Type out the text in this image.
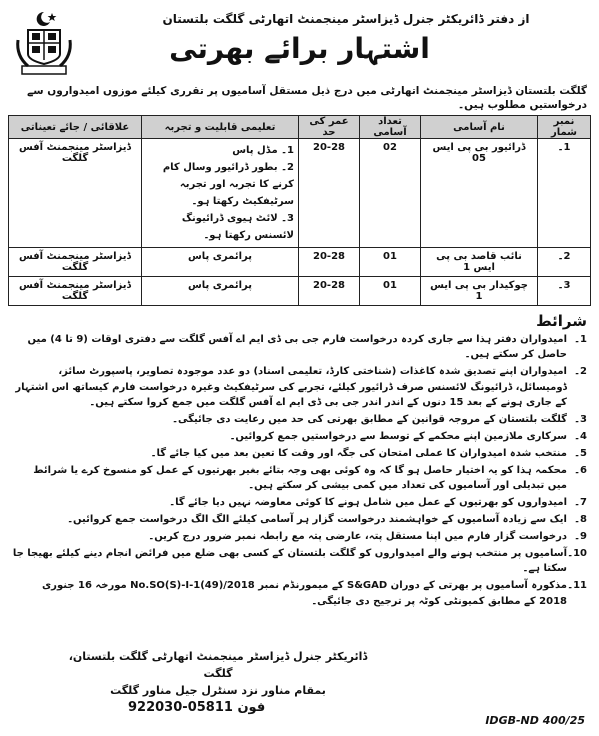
از دفتر ڈائریکٹر جنرل ڈیزاسٹر مینجمنٹ اتھارٹی گلگت بلتستان
اشتہار برائے بھرتی
گلگت بلتستان ڈیزاسٹر مینجمنٹ اتھارٹی میں درج ذیل مستقل آسامیوں پر تقرری کیلئے موزوں امیدواروں سے درخواستیں مطلوب ہیں۔
نمبر شمار	نام آسامی	تعداد آسامی	عمر کی حد	تعلیمی قابلیت و تجربہ	علاقائی / جائے تعیناتی
1۔	ڈرائیور بی پی ایس 05	02	20-28	1۔ مڈل پاس
2۔ بطور ڈرائیور وسال کام کرنے کا تجربہ اور تجربہ سرٹیفکیٹ رکھتا ہو۔
3۔ لائٹ ہیوی ڈرائیونگ لائسنس رکھتا ہو۔	ڈیزاسٹر مینجمنٹ آفس گلگت
2۔	نائب قاصد بی پی ایس 1	01	20-28	پرائمری پاس	ڈیزاسٹر مینجمنٹ آفس گلگت
3۔	چوکیدار بی پی ایس 1	01	20-28	پرائمری پاس	ڈیزاسٹر مینجمنٹ آفس گلگت
شرائط
1۔
امیدواران دفتر ہذا سے جاری کردہ درخواست فارم جی بی ڈی ایم اے آفس گلگت سے دفتری اوقات (9 تا 4) میں حاصل کر سکتے ہیں۔
2۔
امیدواران اپنے تصدیق شدہ کاغذات (شناختی کارڈ، تعلیمی اسناد) دو عدد موجودہ تصاویر، پاسپورٹ سائز، ڈومیسائل، ڈرائیونگ لائسنس صرف ڈرائیور کیلئے، تجربے کی سرٹیفکیٹ وغیرہ درخواست فارم کیساتھ اس اشتہار کے جاری ہونے کے بعد 15 دنوں کے اندر اندر جی بی ڈی ایم اے آفس گلگت میں جمع کروا سکتے ہیں۔
3۔
گلگت بلتستان کے مروجہ قوانین کے مطابق بھرتی کی حد میں رعایت دی جائیگی۔
4۔
سرکاری ملازمین اپنے محکمے کے توسط سے درخواستیں جمع کروائیں۔
5۔
منتخب شدہ امیدواران کا عملی امتحان کی جگہ اور وقت کا تعین بعد میں کیا جائے گا۔
6۔
محکمہ ہذا کو یہ اختیار حاصل ہو گا کہ وہ کوئی بھی وجہ بتائے بغیر بھرتیوں کے عمل کو منسوخ کرے یا شرائط میں تبدیلی اور آسامیوں کی تعداد میں کمی بیشی کر سکتے ہیں۔
7۔
امیدواروں کو بھرتیوں کے عمل میں شامل ہونے کا کوئی معاوضہ نہیں دیا جائے گا۔
8۔
ایک سے زیادہ آسامیوں کے خواہشمند درخواست گزار ہر آسامی کیلئے الگ الگ درخواست جمع کروائیں۔
9۔
درخواست گزار فارم میں اپنا مستقل پتہ، عارضی پتہ مع رابطہ نمبر ضرور درج کریں۔
10۔
آسامیوں پر منتخب ہونے والے امیدواروں کو گلگت بلتستان کے کسی بھی ضلع میں فرائض انجام دینے کیلئے بھیجا جا سکتا ہے۔
11۔
مذکورہ آسامیوں پر بھرتی کے دوران S&GAD کے میمورنڈم نمبر No.SO(S)-I-1(49)/2018 مورخہ 16 جنوری 2018 کے مطابق کمیونٹی کوٹہ پر ترجیح دی جائیگی۔
ڈائریکٹر جنرل ڈیزاسٹر مینجمنٹ اتھارٹی گلگت بلتستان، گلگت
بمقام مناور نزد سنٹرل جیل مناور گلگت
فون 05811-922030
IDGB-ND 400/25
